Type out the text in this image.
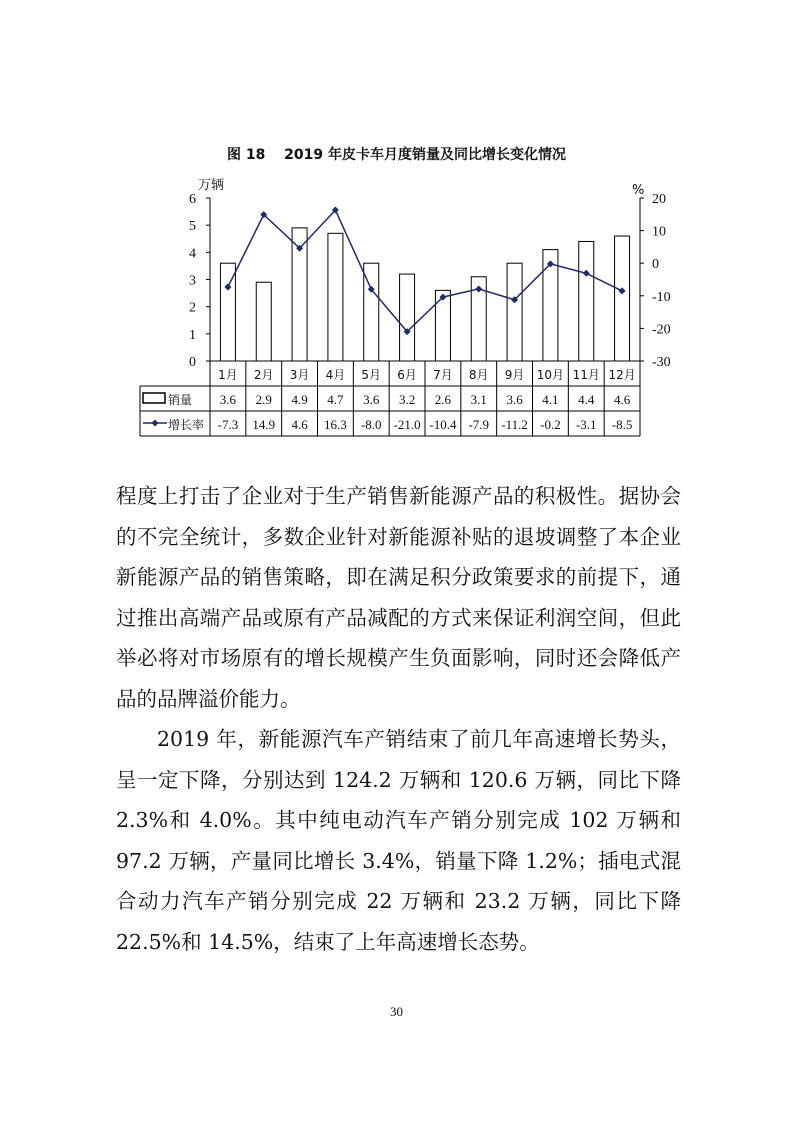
图 18　 2019 年皮卡车月度销量及同比增长变化情况
0
1
2
3
4
5
6
-30
-20
-10
0
10
20
万辆	%
1月
3.6
-7.3
2月
2.9
14.9
3月
4.9
4.6
4月
4.7
16.3
5月
3.6
-8.0
6月
3.2
-21.0
7月
2.6
-10.4
8月
3.1
-7.9
9月
3.6
-11.2
10月
4.1
-0.2
11月
4.4
-3.1
12月
4.6
-8.5
销量
增长率

程度上打击了企业对于生产销售新能源产品的积极性。据协会的不完全统计，多数企业针对新能源补贴的退坡调整了本企业新能源产品的销售策略，即在满足积分政策要求的前提下，通过推出高端产品或原有产品减配的方式来保证利润空间，但此举必将对市场原有的增长规模产生负面影响，同时还会降低产品的品牌溢价能力。

2019 年，新能源汽车产销结束了前几年高速增长势头，呈一定下降，分别达到 124.2 万辆和 120.6 万辆，同比下降 2.3%和 4.0%。其中纯电动汽车产销分别完成 102 万辆和 97.2 万辆，产量同比增长 3.4%，销量下降 1.2%；插电式混合动力汽车产销分别完成 22 万辆和 23.2 万辆，同比下降 22.5%和 14.5%，结束了上年高速增长态势。

30
